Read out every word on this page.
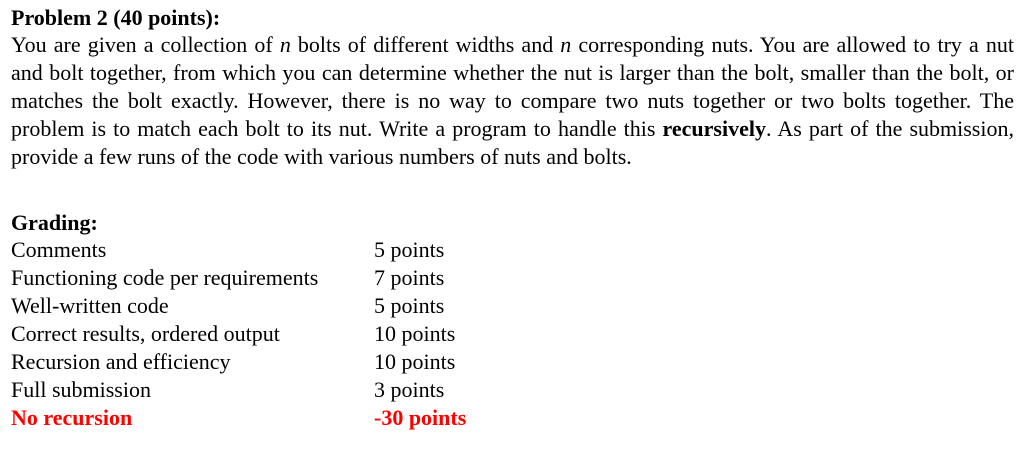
Problem 2 (40 points):

You are given a collection of n bolts of different widths and n corresponding nuts. You are allowed to try a nut and bolt together, from which you can determine whether the nut is larger than the bolt, smaller than the bolt, or matches the bolt exactly. However, there is no way to compare two nuts together or two bolts together. The problem is to match each bolt to its nut. Write a program to handle this recursively. As part of the submission, provide a few runs of the code with various numbers of nuts and bolts.

Grading:
Comments	5 points
Functioning code per requirements	7 points
Well-written code	5 points
Correct results, ordered output	10 points
Recursion and efficiency	10 points
Full submission	3 points
No recursion	-30 points
